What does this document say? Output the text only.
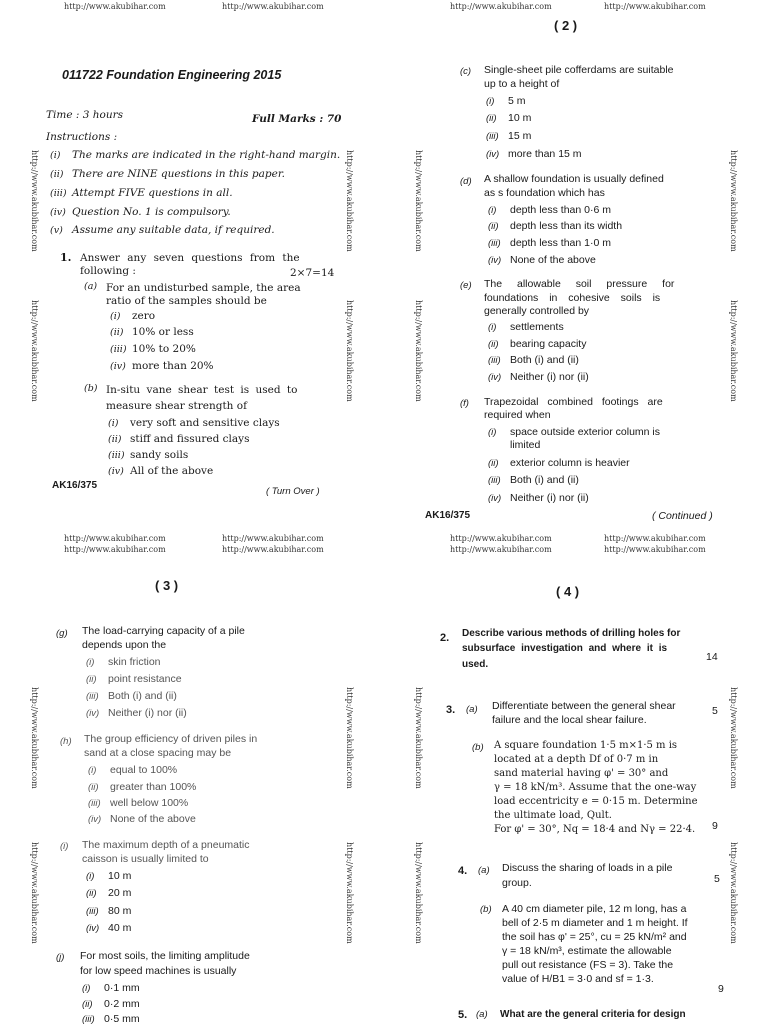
http://www.akubihar.com	http://www.akubihar.com
http://www.akubihar.com
http://www.akubihar.com
http://www.akubihar.com
http://www.akubihar.com
011722 Foundation Engineering 2015
Time : 3 hours	Full Marks : 70
Instructions :
(i) The marks are indicated in the right-hand margin.
(ii) There are NINE questions in this paper.
(iii) Attempt FIVE questions in all.
(iv) Question No. 1 is compulsory.
(v) Assume any suitable data, if required.
1. Answer any seven questions from the
following :	2×7=14
(a) For an undisturbed sample, the area
ratio of the samples should be
(i) zero
(ii) 10% or less
(iii) 10% to 20%
(iv) more than 20%
(b) In-situ vane shear test is used to
measure shear strength of
(i) very soft and sensitive clays
(ii) stiff and fissured clays
(iii) sandy soils
(iv) All of the above
AK16/375
( Turn Over )
http://www.akubihar.com	http://www.akubihar.com
( 2 )
http://www.akubihar.com
http://www.akubihar.com
http://www.akubihar.com
http://www.akubihar.com
(c) Single-sheet pile cofferdams are suitable
up to a height of
(i) 5 m
(ii) 10 m
(iii) 15 m
(iv) more than 15 m
(d) A shallow foundation is usually defined
as s foundation which has
(i) depth less than 0·6 m
(ii) depth less than its width
(iii) depth less than 1·0 m
(iv) None of the above
(e) The allowable soil pressure for
foundations in cohesive soils is
generally controlled by
(i) settlements
(ii) bearing capacity
(iii) Both (i) and (ii)
(iv) Neither (i) nor (ii)
(f) Trapezoidal combined footings are
required when
(i) space outside exterior column is
limited
(ii) exterior column is heavier
(iii) Both (i) and (ii)
(iv) Neither (i) nor (ii)
AK16/375	( Continued )
http://www.akubihar.com	http://www.akubihar.com
http://www.akubihar.com	http://www.akubihar.com
( 3 )
http://www.akubihar.com
http://www.akubihar.com
http://www.akubihar.com
http://www.akubihar.com
(g) The load-carrying capacity of a pile
depends upon the
(i) skin friction
(ii) point resistance
(iii) Both (i) and (ii)
(iv) Neither (i) nor (ii)
(h) The group efficiency of driven piles in
sand at a close spacing may be
(i) equal to 100%
(ii) greater than 100%
(iii) well below 100%
(iv) None of the above
(i) The maximum depth of a pneumatic
caisson is usually limited to
(i) 10 m
(ii) 20 m
(iii) 80 m
(iv) 40 m
(j) For most soils, the limiting amplitude
for low speed machines is usually
(i) 0·1 mm
(ii) 0·2 mm
(iii) 0·5 mm
http://www.akubihar.com	http://www.akubihar.com
http://www.akubihar.com	http://www.akubihar.com
( 4 )
http://www.akubihar.com
http://www.akubihar.com
http://www.akubihar.com
http://www.akubihar.com
2. Describe various methods of drilling holes for
subsurface investigation and where it is
used.
14
3. (a) Differentiate between the general shear
failure and the local shear failure.
5
(b) A square foundation 1·5 m×1·5 m is
located at a depth Df of 0·7 m in
sand material having φ' = 30° and
γ = 18 kN/m³. Assume that the one-way
load eccentricity e = 0·15 m. Determine
the ultimate load, Qult.
For φ' = 30°, Nq = 18·4 and Nγ = 22·4. 9
4. (a) Discuss the sharing of loads in a pile
group.	5
(b) A 40 cm diameter pile, 12 m long, has a
bell of 2·5 m diameter and 1 m height. If
the soil has φ' = 25°, cu = 25 kN/m² and
γ = 18 kN/m³, estimate the allowable
pull out resistance (FS = 3). Take the
value of H/B1 = 3·0 and sf = 1·3.
9
5. (a) What are the general criteria for design
